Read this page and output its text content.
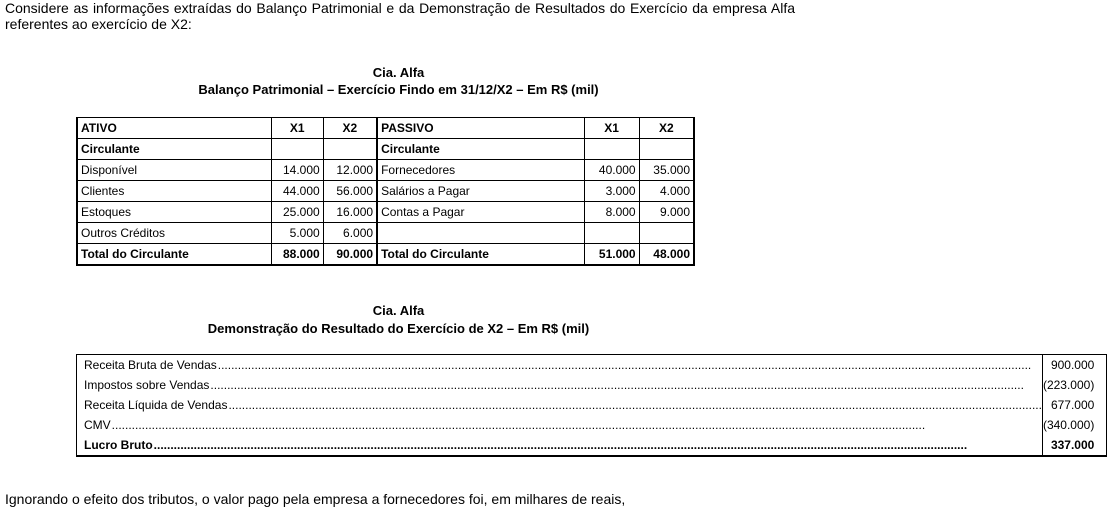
Considere as informações extraídas do Balanço Patrimonial e da Demonstração de Resultados do Exercício da empresa Alfa referentes ao exercício de X2:
Cia. Alfa
Balanço Patrimonial – Exercício Findo em 31/12/X2 – Em R$ (mil)
ATIVO	X1	X2	PASSIVO	X1	X2
Circulante			Circulante		
Disponível	14.000	12.000	Fornecedores	40.000	35.000
Clientes	44.000	56.000	Salários a Pagar	3.000	4.000
Estoques	25.000	16.000	Contas a Pagar	8.000	9.000
Outros Créditos	5.000	6.000			
Total do Circulante	88.000	90.000	Total do Circulante	51.000	48.000
Cia. Alfa
Demonstração do Resultado do Exercício de X2 – Em R$ (mil)
Receita Bruta de Vendas
.....		900.000

Impostos sobre Vendas
.....		(223.000)

Receita Líquida de Vendas
.....		677.000

CMV
.....		(340.000)

Lucro Bruto
.....		337.000
Ignorando o efeito dos tributos, o valor pago pela empresa a fornecedores foi, em milhares de reais,
